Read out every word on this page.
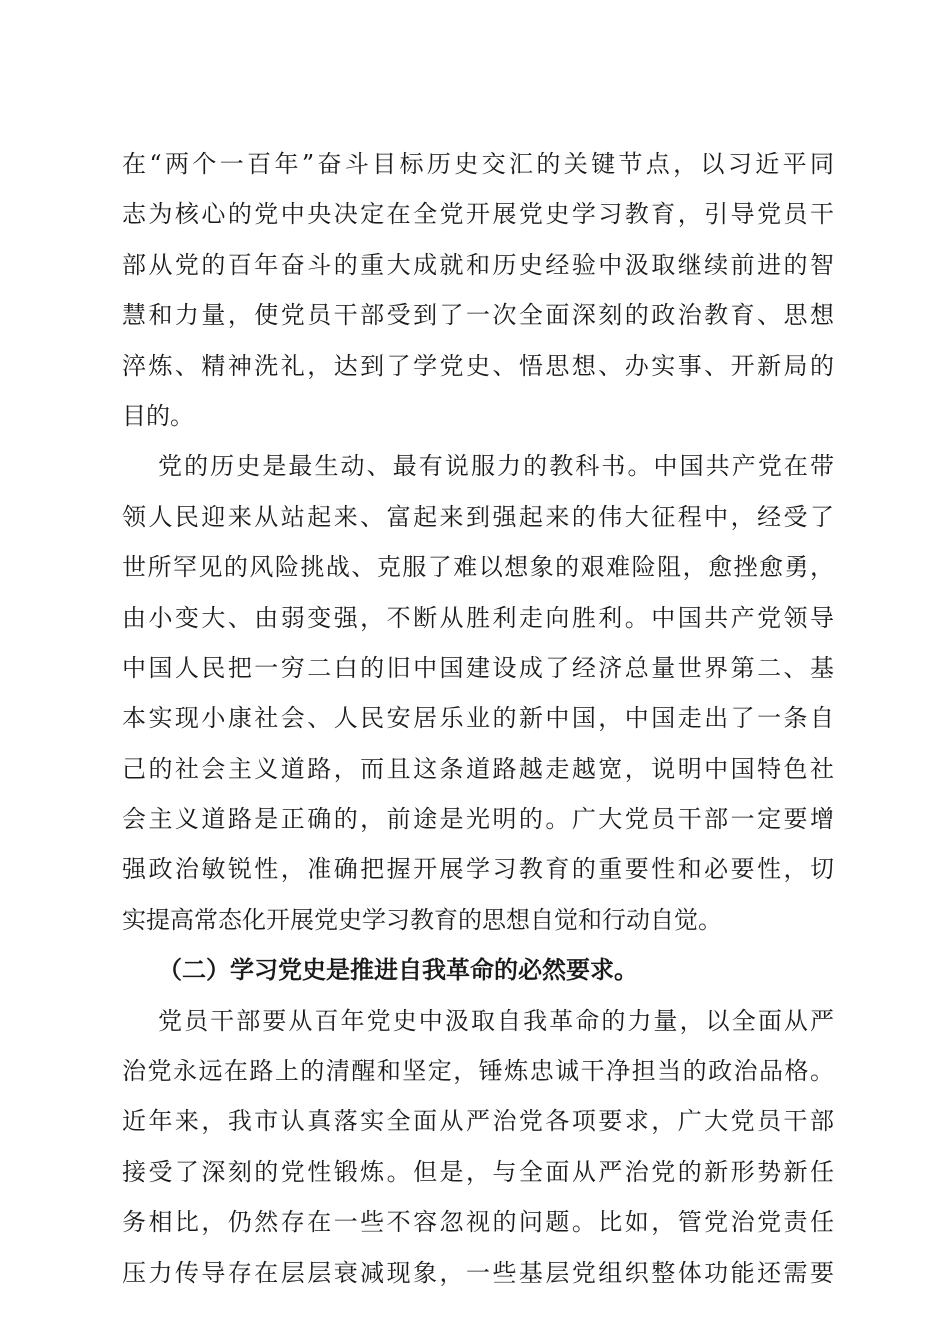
在“两个一百年”奋斗目标历史交汇的关键节点，以习近平同
志为核心的党中央决定在全党开展党史学习教育，引导党员干
部从党的百年奋斗的重大成就和历史经验中汲取继续前进的智
慧和力量，使党员干部受到了一次全面深刻的政治教育、思想
淬炼、精神洗礼，达到了学党史、悟思想、办实事、开新局的
目的。
党的历史是最生动、最有说服力的教科书。中国共产党在带
领人民迎来从站起来、富起来到强起来的伟大征程中，经受了
世所罕见的风险挑战、克服了难以想象的艰难险阻，愈挫愈勇，
由小变大、由弱变强，不断从胜利走向胜利。中国共产党领导
中国人民把一穷二白的旧中国建设成了经济总量世界第二、基
本实现小康社会、人民安居乐业的新中国，中国走出了一条自
己的社会主义道路，而且这条道路越走越宽，说明中国特色社
会主义道路是正确的，前途是光明的。广大党员干部一定要增
强政治敏锐性，准确把握开展学习教育的重要性和必要性，切
实提高常态化开展党史学习教育的思想自觉和行动自觉。
（二）学习党史是推进自我革命的必然要求。
党员干部要从百年党史中汲取自我革命的力量，以全面从严
治党永远在路上的清醒和坚定，锤炼忠诚干净担当的政治品格。
近年来，我市认真落实全面从严治党各项要求，广大党员干部
接受了深刻的党性锻炼。但是，与全面从严治党的新形势新任
务相比，仍然存在一些不容忽视的问题。比如，管党治党责任
压力传导存在层层衰减现象，一些基层党组织整体功能还需要
